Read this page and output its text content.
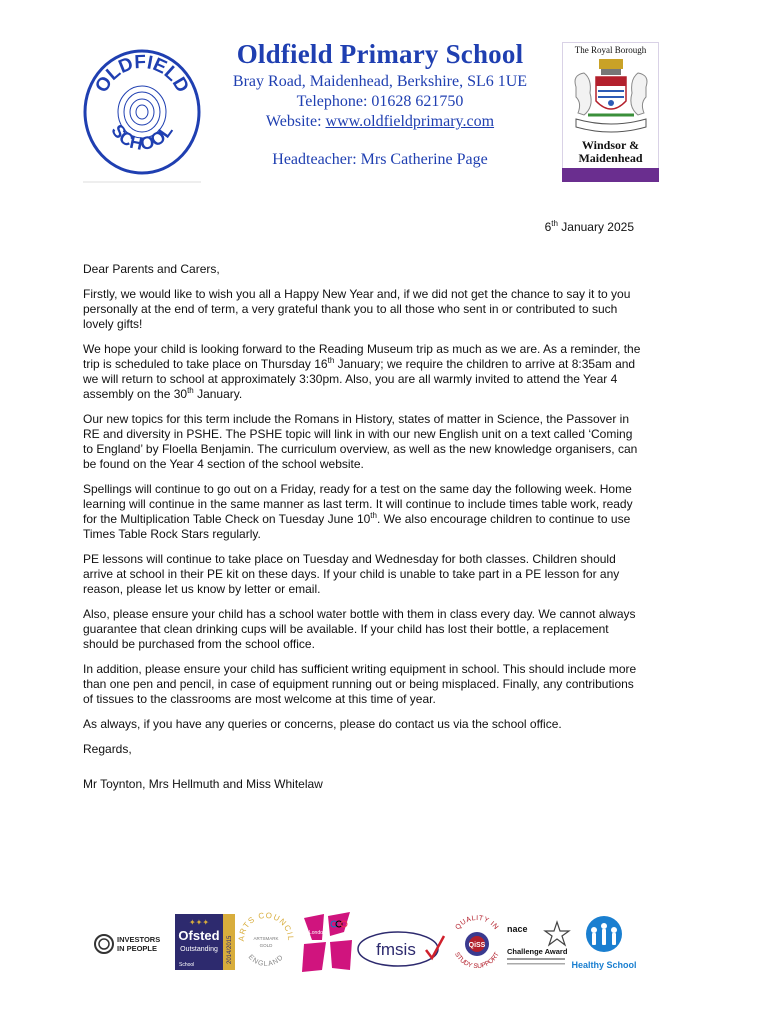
OLDFIELD
SCHOOL
Oldfield Primary School
Bray Road, Maidenhead, Berkshire, SL6 1UE
Telephone: 01628 621750
Website: www.oldfieldprimary.com
Headteacher: Mrs Catherine Page
The Royal Borough
Windsor &
Maidenhead
6th January 2025

Dear Parents and Carers,

Firstly, we would like to wish you all a Happy New Year and, if we did not get the chance to say it to you personally at the end of term, a very grateful thank you to all those who sent in or contributed to such lovely gifts!

We hope your child is looking forward to the Reading Museum trip as much as we are. As a reminder, the trip is scheduled to take place on Thursday 16th January; we require the children to arrive at 8:35am and we will return to school at approximately 3:30pm. Also, you are all warmly invited to attend the Year 4 assembly on the 30th January.

Our new topics for this term include the Romans in History, states of matter in Science, the Passover in RE and diversity in PSHE. The PSHE topic will link in with our new English unit on a text called ‘Coming to England’ by Floella Benjamin. The curriculum overview, as well as the new knowledge organisers, can be found on the Year 4 section of the school website.

Spellings will continue to go out on a Friday, ready for a test on the same day the following week. Home learning will continue in the same manner as last term. It will continue to include times table work, ready for the Multiplication Table Check on Tuesday June 10th. We also encourage children to continue to use Times Table Rock Stars regularly.

PE lessons will continue to take place on Tuesday and Wednesday for both classes. Children should arrive at school in their PE kit on these days. If your child is unable to take part in a PE lesson for any reason, please let us know by letter or email.

Also, please ensure your child has a school water bottle with them in class every day. We cannot always guarantee that clean drinking cups will be available. If your child has lost their bottle, a replacement should be purchased from the school office.

In addition, please ensure your child has sufficient writing equipment in school. This should include more than one pen and pencil, in case of equipment running out or being misplaced. Finally, any contributions of tissues to the classrooms are most welcome at this time of year.

As always, if you have any queries or concerns, please do contact us via the school office.

Regards,

Mr Toynton, Mrs Hellmuth and Miss Whitelaw

INVESTORS
IN PEOPLE
✦✦✦
Ofsted
Outstanding
School
2014/2015 ARTS COUNCIL
ARTSMARK
GOLD
ENGLAND
London
fmsis
QUALITY IN
QiSS
STUDY SUPPORT
nace
Challenge Award
Healthy School
